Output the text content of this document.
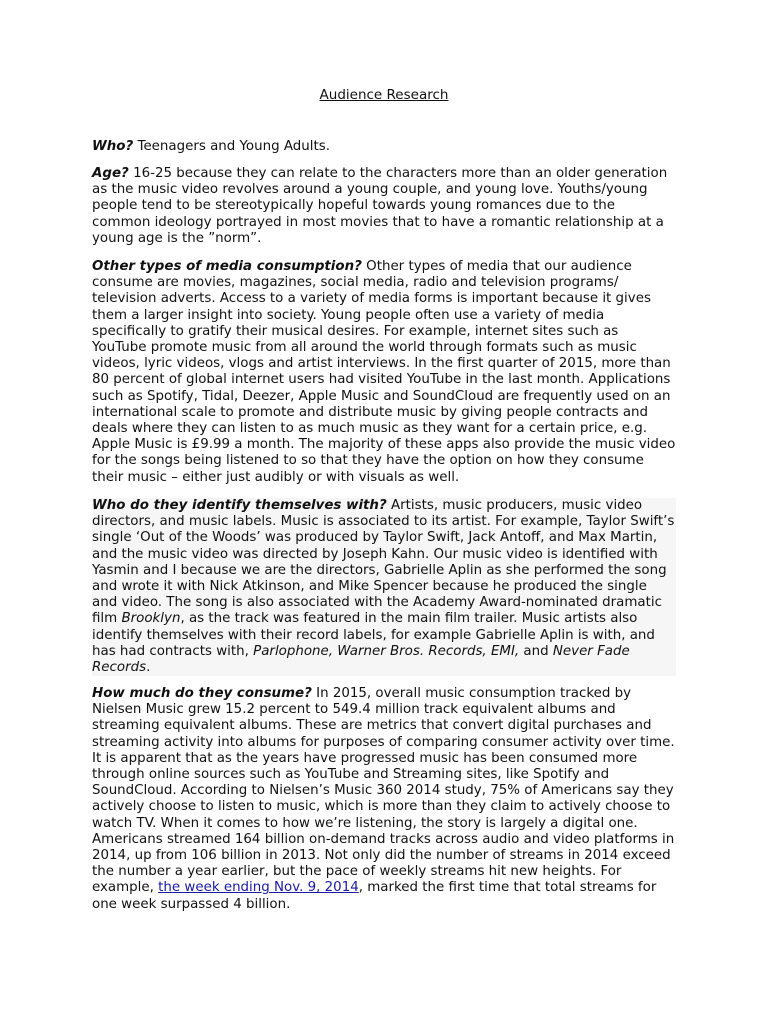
Audience Research

Who? Teenagers and Young Adults.

Age? 16-25 because they can relate to the characters more than an older generation as the music video revolves around a young couple, and young love. Youths/young people tend to be stereotypically hopeful towards young romances due to the common ideology portrayed in most movies that to have a romantic relationship at a young age is the ”norm”.

Other types of media consumption? Other types of media that our audience consume are movies, magazines, social media, radio and television programs/ television adverts. Access to a variety of media forms is important because it gives them a larger insight into society. Young people often use a variety of media specifically to gratify their musical desires. For example, internet sites such as YouTube promote music from all around the world through formats such as music videos, lyric videos, vlogs and artist interviews. In the first quarter of 2015, more than 80 percent of global internet users had visited YouTube in the last month. Applications such as Spotify, Tidal, Deezer, Apple Music and SoundCloud are frequently used on an international scale to promote and distribute music by giving people contracts and deals where they can listen to as much music as they want for a certain price, e.g. Apple Music is £9.99 a month. The majority of these apps also provide the music video for the songs being listened to so that they have the option on how they consume their music – either just audibly or with visuals as well.

Who do they identify themselves with? Artists, music producers, music video directors, and music labels. Music is associated to its artist. For example, Taylor Swift’s single ‘Out of the Woods’ was produced by Taylor Swift, Jack Antoff, and Max Martin, and the music video was directed by Joseph Kahn. Our music video is identified with Yasmin and I because we are the directors, Gabrielle Aplin as she performed the song and wrote it with Nick Atkinson, and Mike Spencer because he produced the single and video. The song is also associated with the Academy Award-nominated dramatic film Brooklyn, as the track was featured in the main film trailer. Music artists also identify themselves with their record labels, for example Gabrielle Aplin is with, and has had contracts with, Parlophone, Warner Bros. Records, EMI, and Never Fade Records.

How much do they consume? In 2015, overall music consumption tracked by Nielsen Music grew 15.2 percent to 549.4 million track equivalent albums and streaming equivalent albums. These are metrics that convert digital purchases and streaming activity into albums for purposes of comparing consumer activity over time. It is apparent that as the years have progressed music has been consumed more through online sources such as YouTube and Streaming sites, like Spotify and SoundCloud. According to Nielsen’s Music 360 2014 study, 75% of Americans say they actively choose to listen to music, which is more than they claim to actively choose to watch TV. When it comes to how we’re listening, the story is largely a digital one. Americans streamed 164 billion on-demand tracks across audio and video platforms in 2014, up from 106 billion in 2013. Not only did the number of streams in 2014 exceed the number a year earlier, but the pace of weekly streams hit new heights. For example, the week ending Nov. 9, 2014, marked the first time that total streams for one week surpassed 4 billion.
